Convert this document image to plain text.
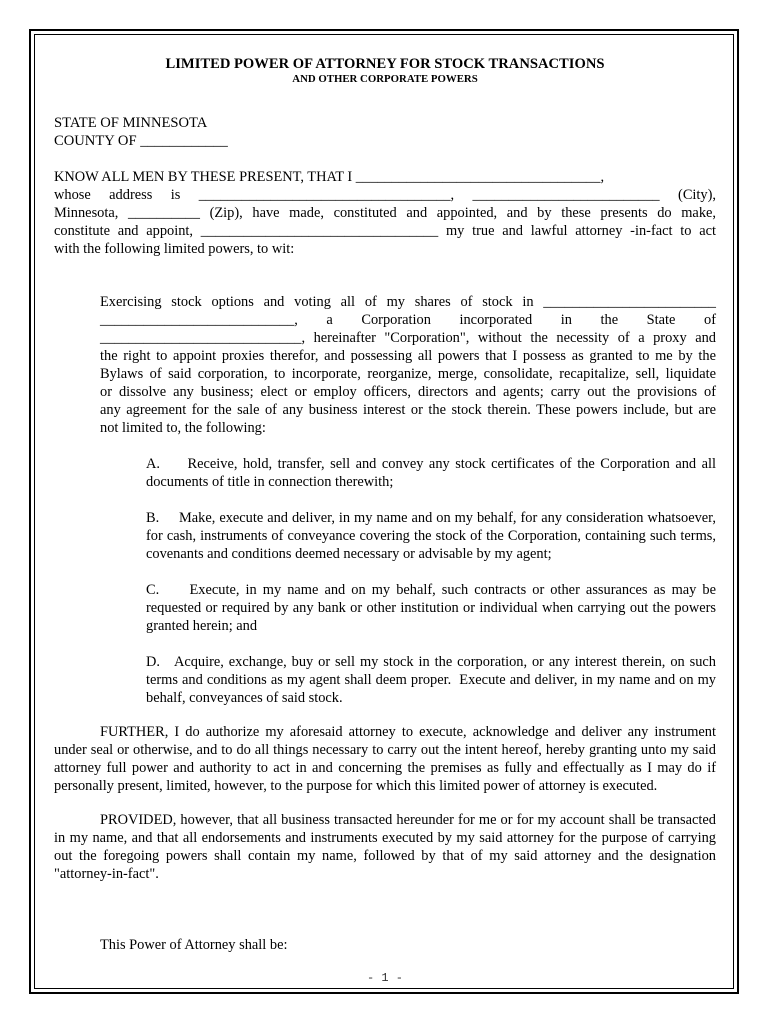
LIMITED POWER OF ATTORNEY FOR STOCK TRANSACTIONS

AND OTHER CORPORATE POWERS

STATE OF MINNESOTA

COUNTY OF ____________

KNOW ALL MEN BY THESE PRESENT, THAT I __________________________________,

whose address is ___________________________________, __________________________ (City),

Minnesota, __________ (Zip), have made, constituted and appointed, and by these presents do make,

constitute and appoint, _________________________________ my true and lawful attorney -in-fact to act

with the following limited powers, to wit:

Exercising stock options and voting all of my shares of stock in ________________________

___________________________, a Corporation incorporated in the State of

____________________________, hereinafter "Corporation", without the necessity of a proxy and

the right to appoint proxies therefor, and possessing all powers that I possess as granted to me by the

Bylaws of said corporation, to incorporate, reorganize, merge, consolidate, recapitalize, sell, liquidate

or dissolve any business; elect or employ officers, directors and agents; carry out the provisions of

any agreement for the sale of any business interest or the stock therein. These powers include, but are

not limited to, the following:

A.     Receive, hold, transfer, sell and convey any stock certificates of the Corporation and all documents of title in connection therewith;

B.     Make, execute and deliver, in my name and on my behalf, for any consideration whatsoever, for cash, instruments of conveyance covering the stock of the Corporation, containing such terms, covenants and conditions deemed necessary or advisable by my agent;

C.     Execute, in my name and on my behalf, such contracts or other assurances as may be requested or required by any bank or other institution or individual when carrying out the powers granted herein; and

D.   Acquire, exchange, buy or sell my stock in the corporation, or any interest therein, on such terms and conditions as my agent shall deem proper.  Execute and deliver, in my name and on my behalf, conveyances of said stock.

FURTHER, I do authorize my aforesaid attorney to execute, acknowledge and deliver any instrument under seal or otherwise, and to do all things necessary to carry out the intent hereof, hereby granting unto my said attorney full power and authority to act in and concerning the premises as fully and effectually as I may do if personally present, limited, however, to the purpose for which this limited power of attorney is executed.

PROVIDED, however, that all business transacted hereunder for me or for my account shall be transacted in my name, and that all endorsements and instruments executed by my said attorney for the purpose of carrying out the foregoing powers shall contain my name, followed by that of my said attorney and the designation "attorney-in-fact".

This Power of Attorney shall be:

- 1 -
